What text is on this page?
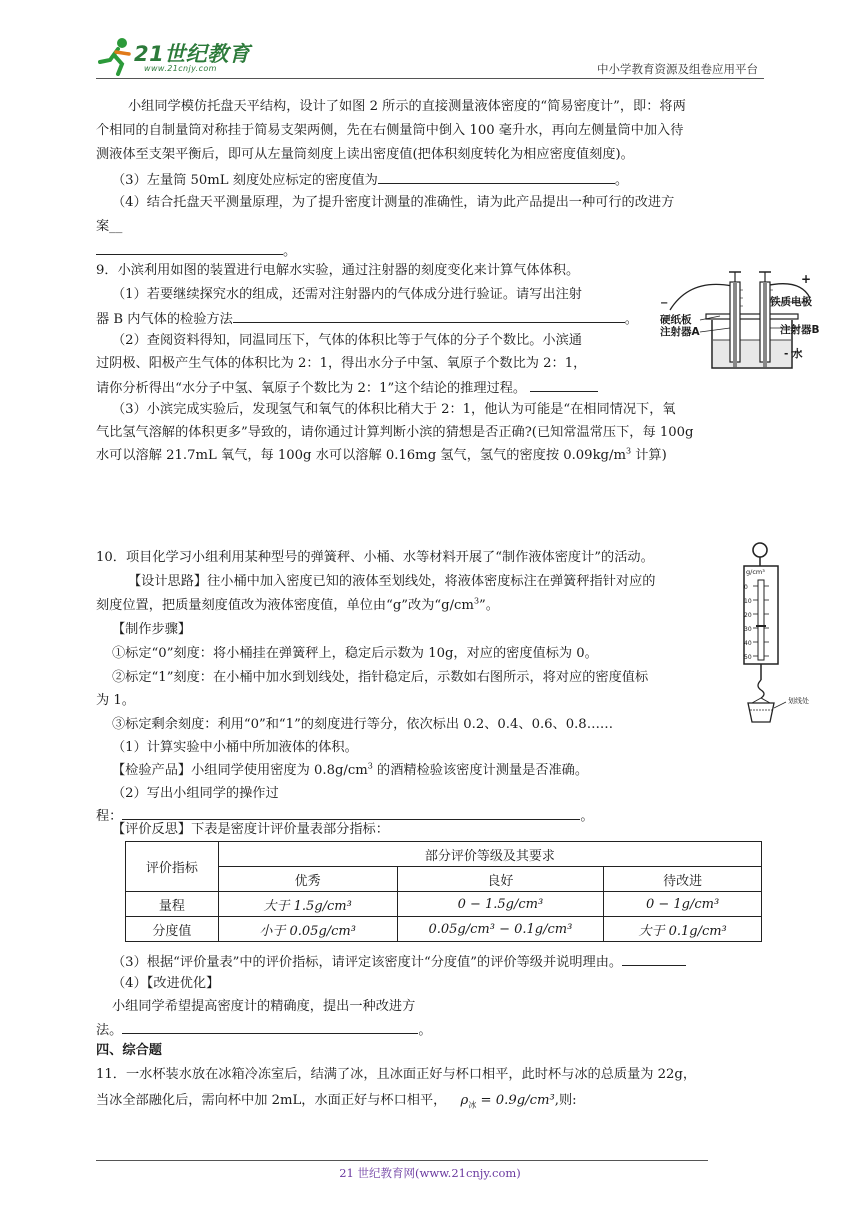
21世纪教育
www.21cnjy.com	中小学教育资源及组卷应用平台
小组同学模仿托盘天平结构，设计了如图 2 所示的直接测量液体密度的“简易密度计”，即：将两
个相同的自制量筒对称挂于简易支架两侧，先在右侧量筒中倒入 100 毫升水，再向左侧量筒中加入待
测液体至支架平衡后，即可从左量筒刻度上读出密度值(把体积刻度转化为相应密度值刻度)。
（3）左量筒 50mL 刻度处应标定的密度值为	。
（4）结合托盘天平测量原理，为了提升密度计测量的准确性，请为此产品提出一种可行的改进方
案__
。
9．小滨利用如图的装置进行电解水实验，通过注射器的刻度变化来计算气体体积。
（1）若要继续探究水的组成，还需对注射器内的气体成分进行验证。请写出注射
器 B 内气体的检验方法	。
（2）查阅资料得知，同温同压下，气体的体积比等于气体的分子个数比。小滨通
过阴极、阳极产生气体的体积比为 2：1，得出水分子中氢、氧原子个数比为 2：1，
请你分析得出“水分子中氢、氧原子个数比为 2：1”这个结论的推理过程。
（3）小滨完成实验后，发现氢气和氧气的体积比稍大于 2：1，他认为可能是“在相同情况下，氧
气比氢气溶解的体积更多”导致的，请你通过计算判断小滨的猜想是否正确?(已知常温常压下，每 100g
水可以溶解 21.7mL 氧气，每 100g 水可以溶解 0.16mg 氢气，氢气的密度按 $0.09kg/m^3$ 计算)
−
+
铁质电极
硬纸板
注射器A	注射器B
- 水
10．项目化学习小组利用某种型号的弹簧秤、小桶、水等材料开展了“制作液体密度计”的活动。
【设计思路】往小桶中加入密度已知的液体至划线处，将液体密度标注在弹簧秤指针对应的
刻度位置，把质量刻度值改为液体密度值，单位由“g”改为“$g/cm^3$”。
【制作步骤】
①标定“0”刻度：将小桶挂在弹簧秤上，稳定后示数为 10g，对应的密度值标为 0。
②标定“1”刻度：在小桶中加水到划线处，指针稳定后，示数如右图所示，将对应的密度值标
为 1。
③标定剩余刻度：利用“0”和“1”的刻度进行等分，依次标出 0.2、0.4、0.6、0.8……
（1）计算实验中小桶中所加液体的体积。
【检验产品】小组同学使用密度为 $0.8g/cm^3$ 的酒精检验该密度计测量是否准确。
（2）写出小组同学的操作过
程：	。
【评价反思】下表是密度计评价量表部分指标：
g/cm³
0
10
20
30
40
50
划线处
评价指标	部分评价等级及其要求		
	优秀	良好	待改进
量程	大于 1.5g/cm³	0 − 1.5g/cm³	0 − 1g/cm³
分度值	小于 0.05g/cm³	0.05g/cm³ − 0.1g/cm³	大于 0.1g/cm³
（3）根据“评价量表”中的评价指标，请评定该密度计“分度值”的评价等级并说明理由。
（4）【改进优化】
小组同学希望提高密度计的精确度，提出一种改进方
法。	。
四、综合题
11．一水杯装水放在冰箱冷冻室后，结满了冰，且冰面正好与杯口相平，此时杯与冰的总质量为 22g，
当冰全部融化后，需向杯中加 2mL，水面正好与杯口相平， $\rho_冰 = 0.9g/cm^3$,则:
21 世纪教育网(www.21cnjy.com)
